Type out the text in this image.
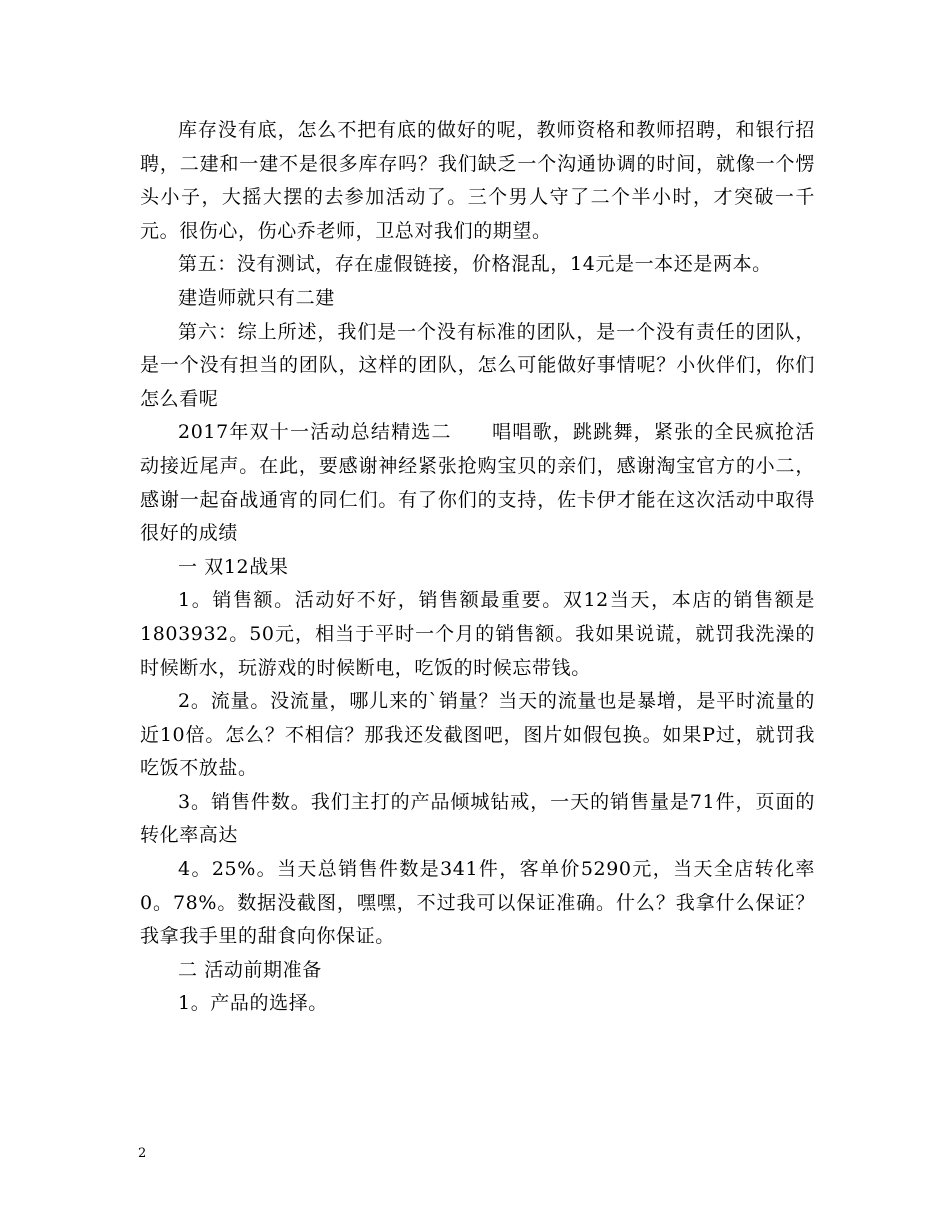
库存没有底，怎么不把有底的做好的呢，教师资格和教师招聘，和银行招聘，二建和一建不是很多库存吗？我们缺乏一个沟通协调的时间，就像一个愣头小子，大摇大摆的去参加活动了。三个男人守了二个半小时，才突破一千元。很伤心，伤心乔老师，卫总对我们的期望。

第五：没有测试，存在虚假链接，价格混乱，14元是一本还是两本。

建造师就只有二建

第六：综上所述，我们是一个没有标准的团队，是一个没有责任的团队，是一个没有担当的团队，这样的团队，怎么可能做好事情呢？小伙伴们，你们怎么看呢

2017年双十一活动总结精选二　　唱唱歌，跳跳舞，紧张的全民疯抢活动接近尾声。在此，要感谢神经紧张抢购宝贝的亲们，感谢淘宝官方的小二，感谢一起奋战通宵的同仁们。有了你们的支持，佐卡伊才能在这次活动中取得很好的成绩

一 双12战果

1。销售额。活动好不好，销售额最重要。双12当天，本店的销售额是1803932。50元，相当于平时一个月的销售额。我如果说谎，就罚我洗澡的时候断水，玩游戏的时候断电，吃饭的时候忘带钱。

2。流量。没流量，哪儿来的`销量？当天的流量也是暴增，是平时流量的近10倍。怎么？不相信？那我还发截图吧，图片如假包换。如果P过，就罚我吃饭不放盐。

3。销售件数。我们主打的产品倾城钻戒，一天的销售量是71件，页面的转化率高达

4。25%。当天总销售件数是341件，客单价5290元，当天全店转化率0。78%。数据没截图，嘿嘿，不过我可以保证准确。什么？我拿什么保证？我拿我手里的甜食向你保证。

二 活动前期准备

1。产品的选择。

2
